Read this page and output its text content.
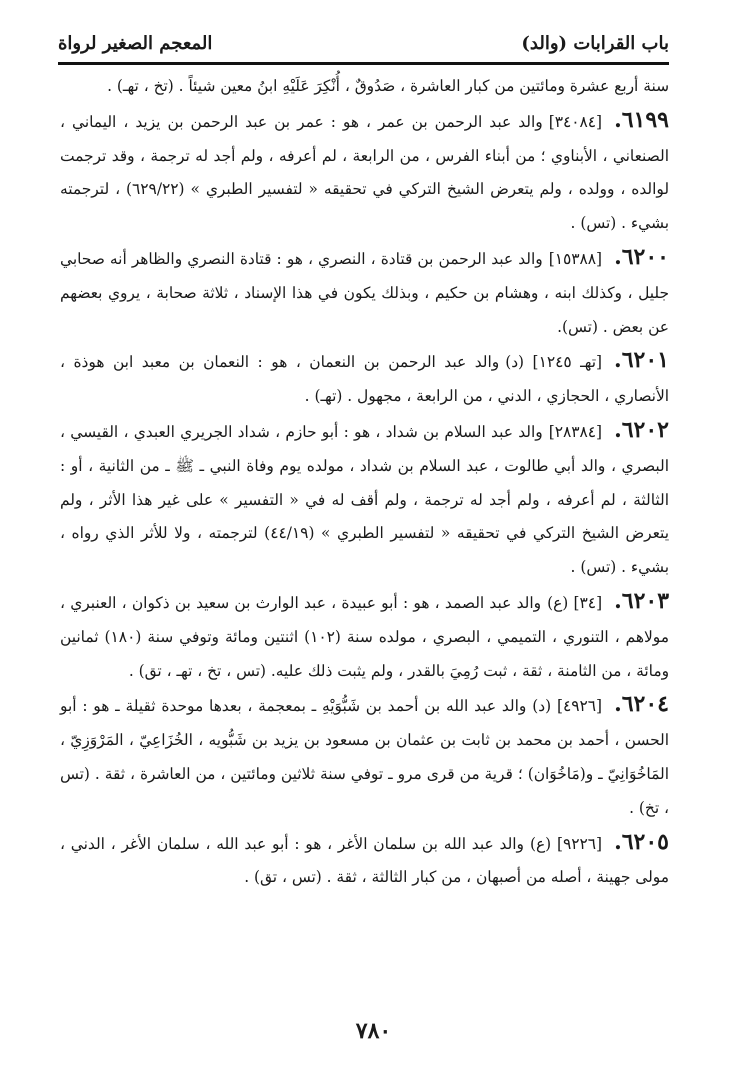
باب القرابات (والد)
المعجم الصغير لرواة

سنة أربع عشرة ومائتين من كبار العاشرة ، صَدُوقٌ ، أُنْكِرَ عَلَيْهِ ابنُ معين شيئاً . (تخ ، تهـ) .

٦١٩٩.[٣٤٠٨٤]والد عبد الرحمن بن عمر ، هو : عمر بن عبد الرحمن بن يزيد ، اليماني ، الصنعاني ، الأبناوي ؛ من أبناء الفرس ، من الرابعة ، لم أعرفه ، ولم أجد له ترجمة ، وقد ترجمت لوالده ، وولده ، ولم يتعرض الشيخ التركي في تحقيقه « لتفسير الطبري » (٦٢٩/٢٢) ، لترجمته بشيء . (تس) .

٦٢٠٠.[١٥٣٨٨]والد عبد الرحمن بن قتادة ، النصري ، هو : قتادة النصري والظاهر أنه صحابي جليل ، وكذلك ابنه ، وهشام بن حكيم ، وبذلك يكون في هذا الإسناد ، ثلاثة صحابة ، يروي بعضهم عن بعض . (تس).

٦٢٠١.[تهـ ١٢٤٥] (د)والد عبد الرحمن بن النعمان ، هو : النعمان بن معبد ابن هوذة ، الأنصاري ، الحجازي ، الدني ، من الرابعة ، مجهول . (تهـ) .

٦٢٠٢.[٢٨٣٨٤]والد عبد السلام بن شداد ، هو : أبو حازم ، شداد الجريري العبدي ، القيسي ، البصري ، والد أبي طالوت ، عبد السلام بن شداد ، مولده يوم وفاة النبي ـ ﷺ ـ من الثانية ، أو : الثالثة ، لم أعرفه ، ولم أجد له ترجمة ، ولم أقف له في « التفسير » على غير هذا الأثر ، ولم يتعرض الشيخ التركي في تحقيقه « لتفسير الطبري » (٤٤/١٩) لترجمته ، ولا للأثر الذي رواه ، بشيء . (تس) .

٦٢٠٣.[٣٤] (ع)والد عبد الصمد ، هو : أبو عبيدة ، عبد الوارث بن سعيد بن ذكوان ، العنبري ، مولاهم ، التنوري ، التميمي ، البصري ، مولده سنة (١٠٢) اثنتين ومائة وتوفي سنة (١٨٠) ثمانين ومائة ، من الثامنة ، ثقة ، ثبت رُمِيَ بالقدر ، ولم يثبت ذلك عليه. (تس ، تخ ، تهـ ، تق) .

٦٢٠٤.[٤٩٢٦] (د)والد عبد الله بن أحمد بن شَبُّوَيْهِ ـ بمعجمة ، بعدها موحدة ثقيلة ـ هو : أبو الحسن ، أحمد بن محمد بن ثابت بن عثمان بن مسعود بن يزيد بن شَبُّويه ، الخُزَاعِيّ ، المَرْوَزِيّ ، المَاخُوَانِيّ ـ و(مَاخُوَان) ؛ قرية من قرى مرو ـ توفي سنة ثلاثين ومائتين ، من العاشرة ، ثقة . (تس ، تخ) .

٦٢٠٥.[٩٢٢٦] (ع)والد عبد الله بن سلمان الأغر ، هو : أبو عبد الله ، سلمان الأغر ، الدني ، مولى جهينة ، أصله من أصبهان ، من كبار الثالثة ، ثقة . (تس ، تق) .

٧٨٠
